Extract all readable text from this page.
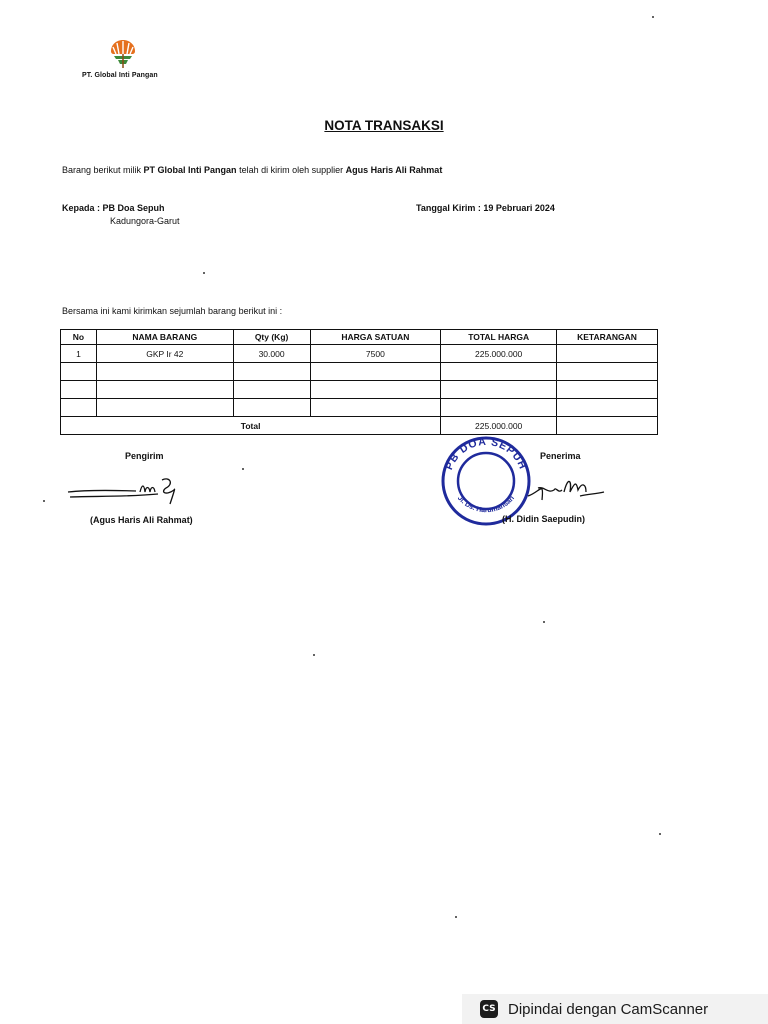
PT. Global Inti Pangan
NOTA TRANSAKSI
Barang berikut milik PT Global Inti Pangan telah di kirim oleh supplier Agus Haris Ali Rahmat
Kepada : PB Doa Sepuh
Kadungora-Garut
Tanggal Kirim : 19 Pebruari 2024
Bersama ini kami kirimkan sejumlah barang berikut ini :
No	NAMA BARANG	Qty (Kg)	HARGA SATUAN	TOTAL HARGA	KETARANGAN
1	GKP Ir 42	30.000	7500	225.000.000	

Total				225.000.000	
Pengirim	Penerima
PB DOA SEPUH
Jl. Ds. Harumansari
(Agus Haris Ali Rahmat)	(H. Didin Saepudin)
CS Dipindai dengan CamScanner
